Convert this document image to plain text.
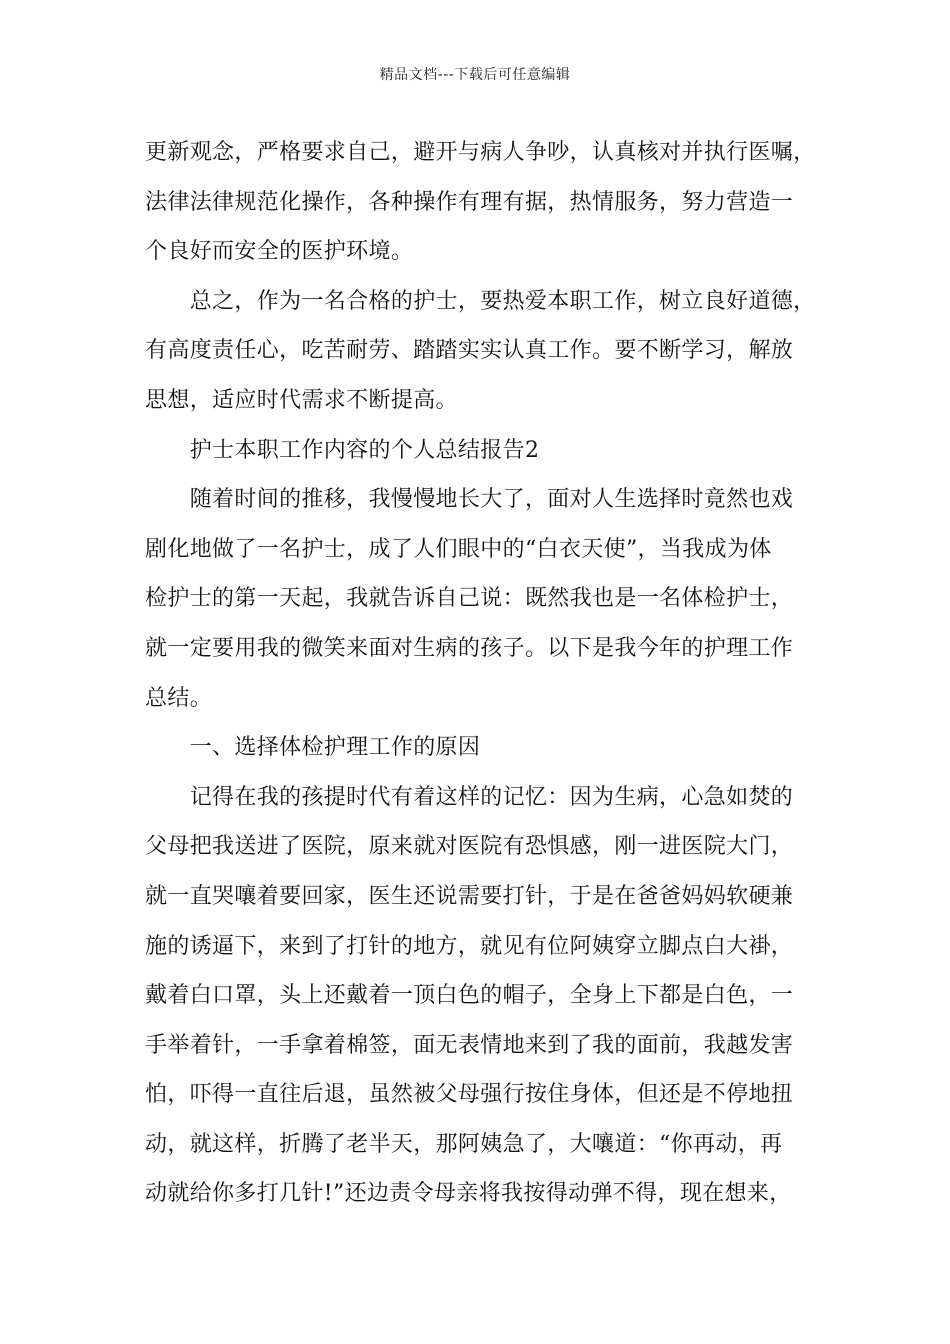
精品文档---下载后可任意编辑
更新观念，严格要求自己，避开与病人争吵，认真核对并执行医嘱，
法律法律规范化操作，各种操作有理有据，热情服务，努力营造一
个良好而安全的医护环境。
　　总之，作为一名合格的护士，要热爱本职工作，树立良好道德，
有高度责任心，吃苦耐劳、踏踏实实认真工作。要不断学习，解放
思想，适应时代需求不断提高。
　　护士本职工作内容的个人总结报告2
　　随着时间的推移，我慢慢地长大了，面对人生选择时竟然也戏
剧化地做了一名护士，成了人们眼中的“白衣天使”，当我成为体
检护士的第一天起，我就告诉自己说：既然我也是一名体检护士，
就一定要用我的微笑来面对生病的孩子。以下是我今年的护理工作
总结。
　　一、选择体检护理工作的原因
　　记得在我的孩提时代有着这样的记忆：因为生病，心急如焚的
父母把我送进了医院，原来就对医院有恐惧感，刚一进医院大门，
就一直哭嚷着要回家，医生还说需要打针，于是在爸爸妈妈软硬兼
施的诱逼下，来到了打针的地方，就见有位阿姨穿立脚点白大褂，
戴着白口罩，头上还戴着一顶白色的帽子，全身上下都是白色，一
手举着针，一手拿着棉签，面无表情地来到了我的面前，我越发害
怕，吓得一直往后退，虽然被父母强行按住身体，但还是不停地扭
动，就这样，折腾了老半天，那阿姨急了，大嚷道：“你再动，再
动就给你多打几针!”还边责令母亲将我按得动弹不得，现在想来，
